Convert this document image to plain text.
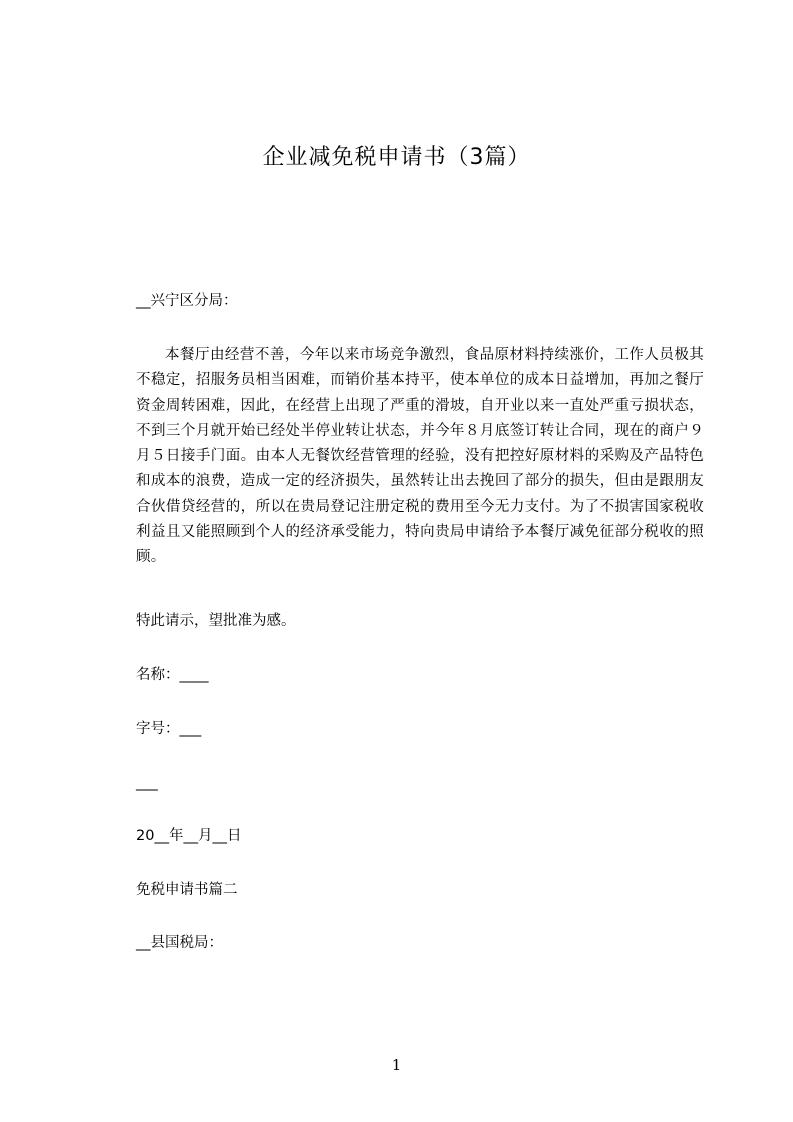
企业减免税申请书（3篇）
__兴宁区分局：
本餐厅由经营不善，今年以来市场竞争激烈，食品原材料持续涨价，工作人员极其不稳定，招服务员相当困难，而销价基本持平，使本单位的成本日益增加，再加之餐厅资金周转困难，因此，在经营上出现了严重的滑坡，自开业以来一直处严重亏损状态，不到三个月就开始已经处半停业转让状态，并今年８月底签订转让合同，现在的商户９月５日接手门面。由本人无餐饮经营管理的经验，没有把控好原材料的采购及产品特色和成本的浪费，造成一定的经济损失，虽然转让出去挽回了部分的损失，但由是跟朋友合伙借贷经营的，所以在贵局登记注册定税的费用至今无力支付。为了不损害国家税收利益且又能照顾到个人的经济承受能力，特向贵局申请给予本餐厅减免征部分税收的照顾。
特此请示，望批准为感。
名称：____
字号：___
___
20__年__月__日
免税申请书篇二
__县国税局：
1
